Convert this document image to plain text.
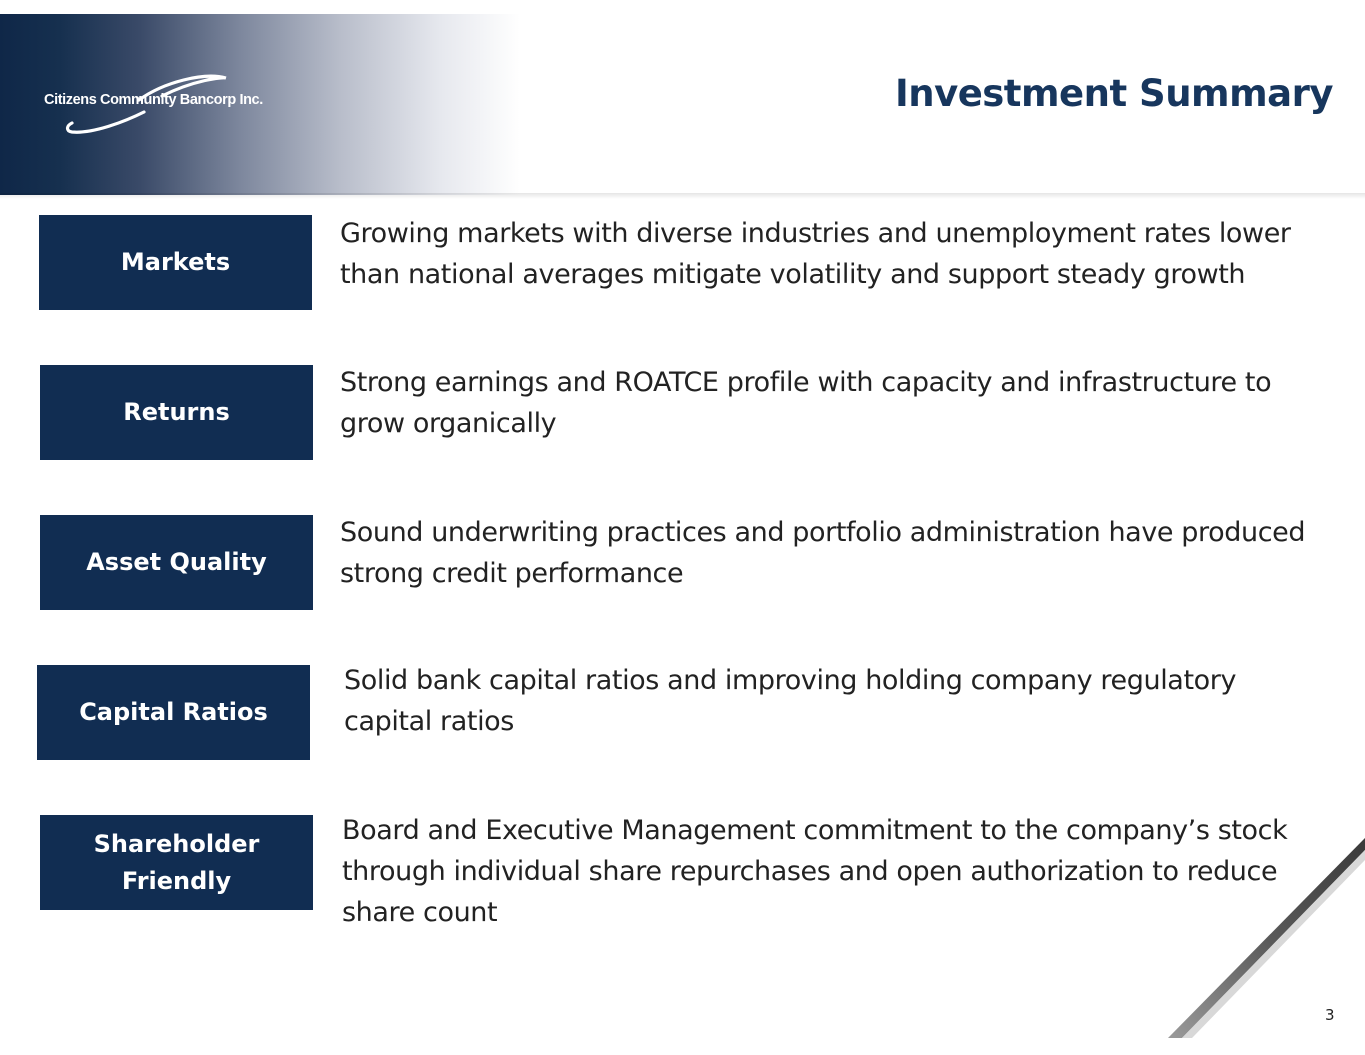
Citizens Community Bancorp Inc.	Investment Summary
Markets
Growing markets with diverse industries and unemployment rates lower than national averages mitigate volatility and support steady growth
Returns
Strong earnings and ROATCE profile with capacity and infrastructure to grow organically
Asset Quality
Sound underwriting practices and portfolio administration have produced strong credit performance
Capital Ratios
Solid bank capital ratios and improving holding company regulatory capital ratios
Shareholder Friendly
Board and Executive Management commitment to the company’s stock through individual share repurchases and open authorization to reduce share count
3
